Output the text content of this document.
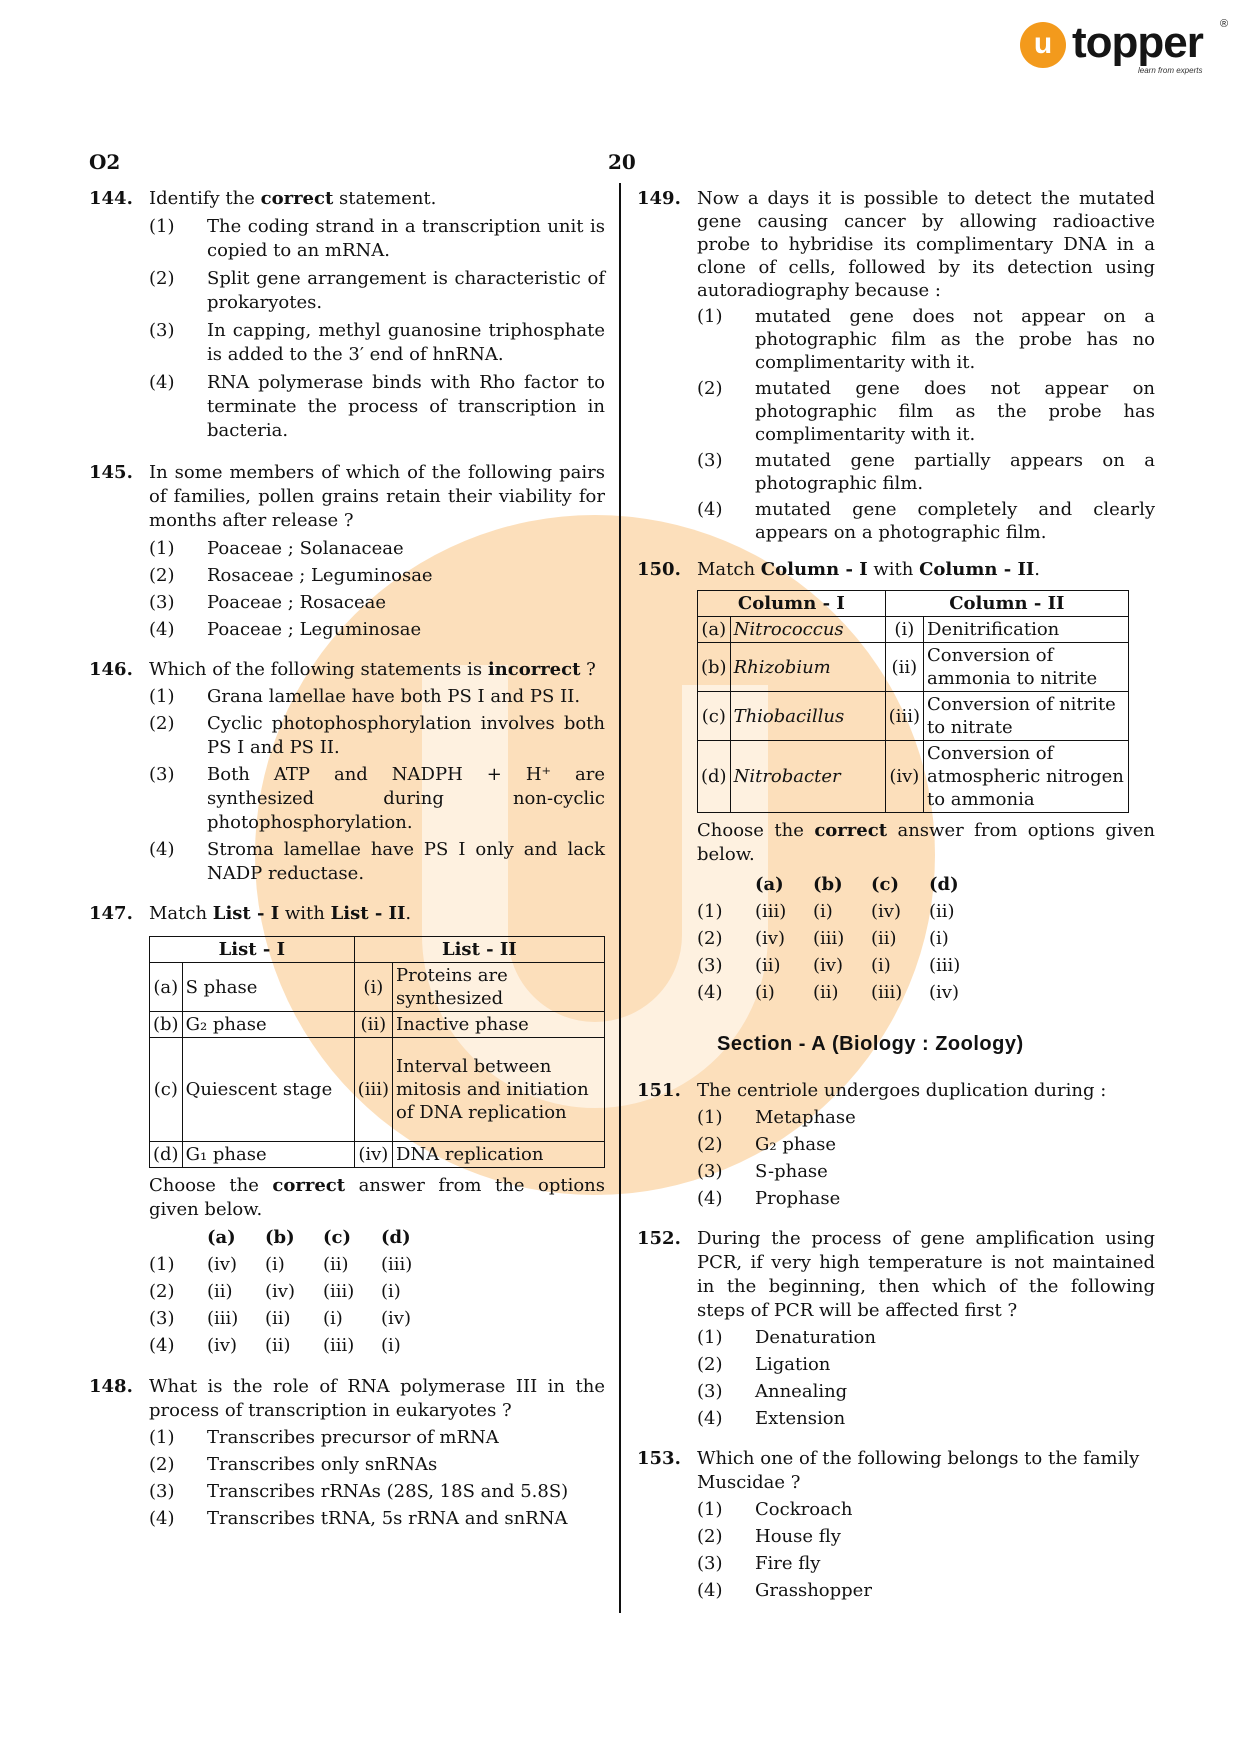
u topper ®
learn from experts
O2	20
144. Identify the correct statement.
(1)	The coding strand in a transcription unit is copied to an mRNA.
(2)	Split gene arrangement is characteristic of prokaryotes.
(3)	In capping, methyl guanosine triphosphate is added to the 3′ end of hnRNA.
(4)	RNA polymerase binds with Rho factor to terminate the process of transcription in bacteria.
145. In some members of which of the following pairs of families, pollen grains retain their viability for months after release ?
(1)	Poaceae ; Solanaceae
(2)	Rosaceae ; Leguminosae
(3)	Poaceae ; Rosaceae
(4)	Poaceae ; Leguminosae
146. Which of the following statements is incorrect ?
(1)	Grana lamellae have both PS I and PS II.
(2)	Cyclic photophosphorylation involves both PS I and PS II.
(3)	Both ATP and NADPH + H⁺ are synthesized during non-cyclic photophosphorylation.
(4)	Stroma lamellae have PS I only and lack NADP reductase.
147. Match List - I with List - II.
List - I		List - II	
(a)	S phase	(i)	Proteins are synthesized
(b)	G₂ phase	(ii)	Inactive phase
(c)	Quiescent stage	(iii)	Interval between mitosis and initiation of DNA replication
(d)	G₁ phase	(iv)	DNA replication
Choose the correct answer from the options given below.
	(a)	(b)	(c)	(d)
(1)	(iv)	(i)	(ii)	(iii)
(2)	(ii)	(iv)	(iii)	(i)
(3)	(iii)	(ii)	(i)	(iv)
(4)	(iv)	(ii)	(iii)	(i)
148. What is the role of RNA polymerase III in the process of transcription in eukaryotes ?
(1)	Transcribes precursor of mRNA
(2)	Transcribes only snRNAs
(3)	Transcribes rRNAs (28S, 18S and 5.8S)
(4)	Transcribes tRNA, 5s rRNA and snRNA
149. Now a days it is possible to detect the mutated gene causing cancer by allowing radioactive probe to hybridise its complimentary DNA in a clone of cells, followed by its detection using autoradiography because :
(1)	mutated gene does not appear on a photographic film as the probe has no complimentarity with it.
(2)	mutated gene does not appear on photographic film as the probe has complimentarity with it.
(3)	mutated gene partially appears on a photographic film.
(4)	mutated gene completely and clearly appears on a photographic film.
150. Match Column - I with Column - II.
Column - I		Column - II	
(a)	Nitrococcus	(i)	Denitrification
(b)	Rhizobium	(ii)	Conversion of ammonia to nitrite
(c)	Thiobacillus	(iii)	Conversion of nitrite to nitrate
(d)	Nitrobacter	(iv)	Conversion of atmospheric nitrogen to ammonia
Choose the correct answer from options given below.
	(a)	(b)	(c)	(d)
(1)	(iii)	(i)	(iv)	(ii)
(2)	(iv)	(iii)	(ii)	(i)
(3)	(ii)	(iv)	(i)	(iii)
(4)	(i)	(ii)	(iii)	(iv)
Section - A (Biology : Zoology)
151. The centriole undergoes duplication during :
(1)	Metaphase
(2)	G₂ phase
(3)	S-phase
(4)	Prophase
152. During the process of gene amplification using PCR, if very high temperature is not maintained in the beginning, then which of the following steps of PCR will be affected first ?
(1)	Denaturation
(2)	Ligation
(3)	Annealing
(4)	Extension
153. Which one of the following belongs to the family Muscidae ?
(1)	Cockroach
(2)	House fly
(3)	Fire fly
(4)	Grasshopper
